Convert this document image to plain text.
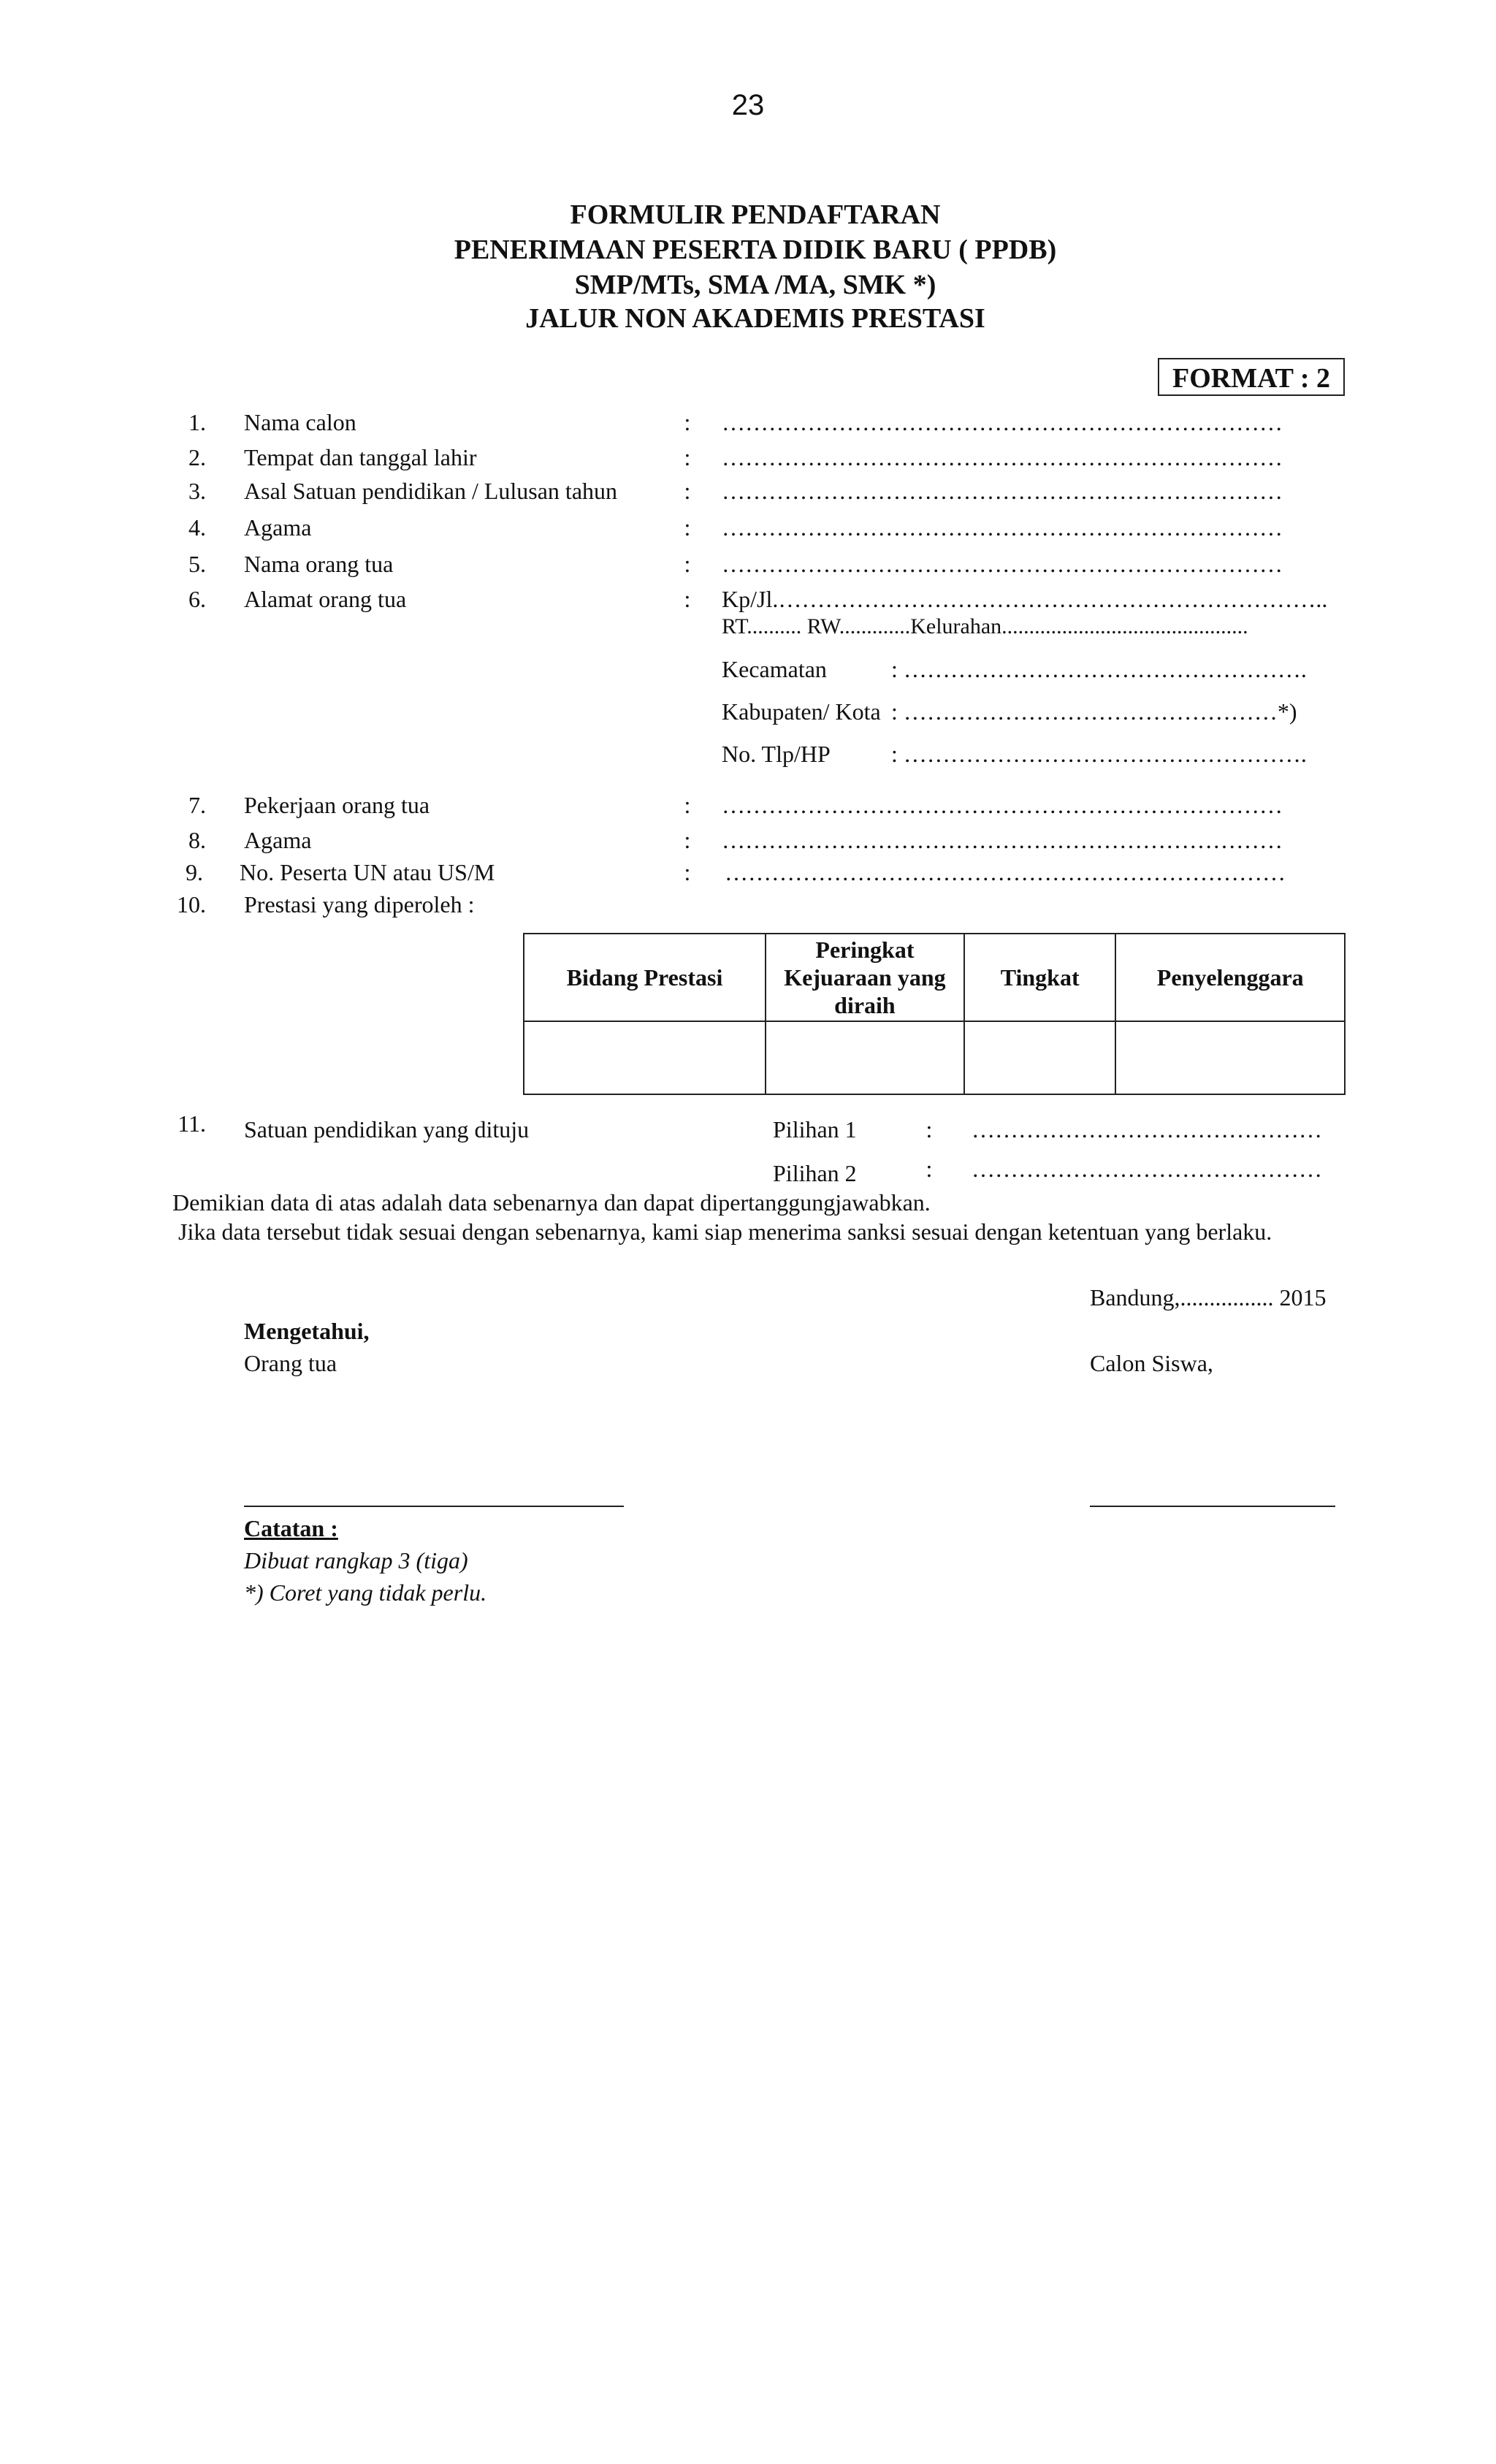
23
FORMULIR PENDAFTARAN
PENERIMAAN PESERTA DIDIK BARU ( PPDB)
SMP/MTs, SMA /MA, SMK *)
JALUR NON AKADEMIS PRESTASI
FORMAT : 2
1. Nama calon	: ………………………………………………………………
2. Tempat dan tanggal lahir	: ………………………………………………………………
3. Asal Satuan pendidikan / Lulusan tahun	: ………………………………………………………………
4. Agama	: ………………………………………………………………
5. Nama orang tua	: ………………………………………………………………
6. Alamat orang tua	: Kp/Jl.……………………………………………………………..
RT.......... RW.............Kelurahan.............................................
Kecamatan	: …………………………………………….
Kabupaten/ Kota : …………………………………………*)
No. Tlp/HP	: …………………………………………….
7. Pekerjaan orang tua	: ………………………………………………………………
8. Agama	: ………………………………………………………………
9. No. Peserta UN atau US/M	: ………………………………………………………………
10. Prestasi yang diperoleh :
Bidang Prestasi	Peringkat Kejuaraan yang diraih	Tingkat	Penyelenggara

11. Satuan pendidikan yang dituju	Pilihan 1	: ………………………………………
Pilihan 2	: ………………………………………
Demikian data di atas adalah data sebenarnya dan dapat dipertanggungjawabkan.
Jika data tersebut tidak sesuai dengan sebenarnya, kami siap menerima sanksi sesuai dengan ketentuan yang berlaku.
Bandung,................ 2015
Mengetahui,
Orang tua	Calon Siswa,
Catatan :
Dibuat rangkap 3 (tiga)
*) Coret yang tidak perlu.
